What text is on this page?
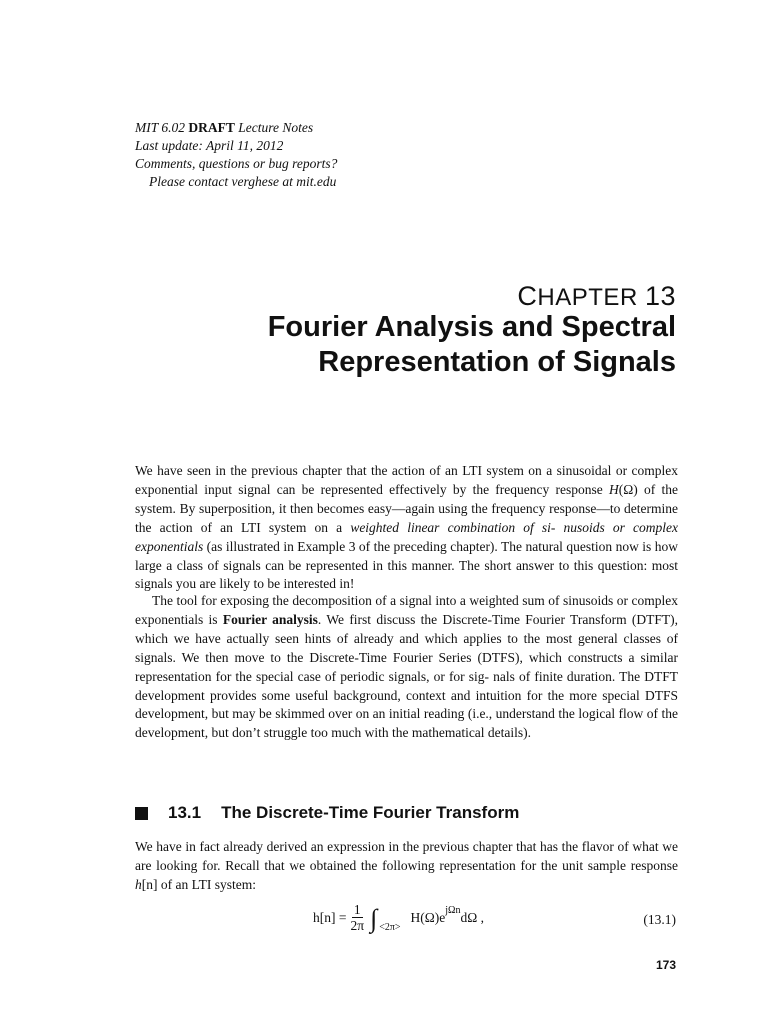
MIT 6.02 DRAFT Lecture Notes
Last update: April 11, 2012
Comments, questions or bug reports?
Please contact verghese at mit.edu
CHAPTER 13
Fourier Analysis and Spectral
Representation of Signals
We have seen in the previous chapter that the action of an LTI system on a sinusoidal or complex exponential input signal can be represented effectively by the frequency response H(Ω) of the system. By superposition, it then becomes easy—again using the frequency response—to determine the action of an LTI system on a weighted linear combination of si- nusoids or complex exponentials (as illustrated in Example 3 of the preceding chapter). The natural question now is how large a class of signals can be represented in this manner. The short answer to this question: most signals you are likely to be interested in!
The tool for exposing the decomposition of a signal into a weighted sum of sinusoids or complex exponentials is Fourier analysis. We first discuss the Discrete-Time Fourier Transform (DTFT), which we have actually seen hints of already and which applies to the most general classes of signals. We then move to the Discrete-Time Fourier Series (DTFS), which constructs a similar representation for the special case of periodic signals, or for sig- nals of finite duration. The DTFT development provides some useful background, context and intuition for the more special DTFS development, but may be skimmed over on an initial reading (i.e., understand the logical flow of the development, but don’t struggle too much with the mathematical details).
13.1 The Discrete-Time Fourier Transform
We have in fact already derived an expression in the previous chapter that has the flavor of what we are looking for. Recall that we obtained the following representation for the unit sample response h[n] of an LTI system:
$h[n] = \frac{1}{2\pi}$ ∫ <2π>
H(Ω)e jΩn dΩ ,	(13.1)
173
